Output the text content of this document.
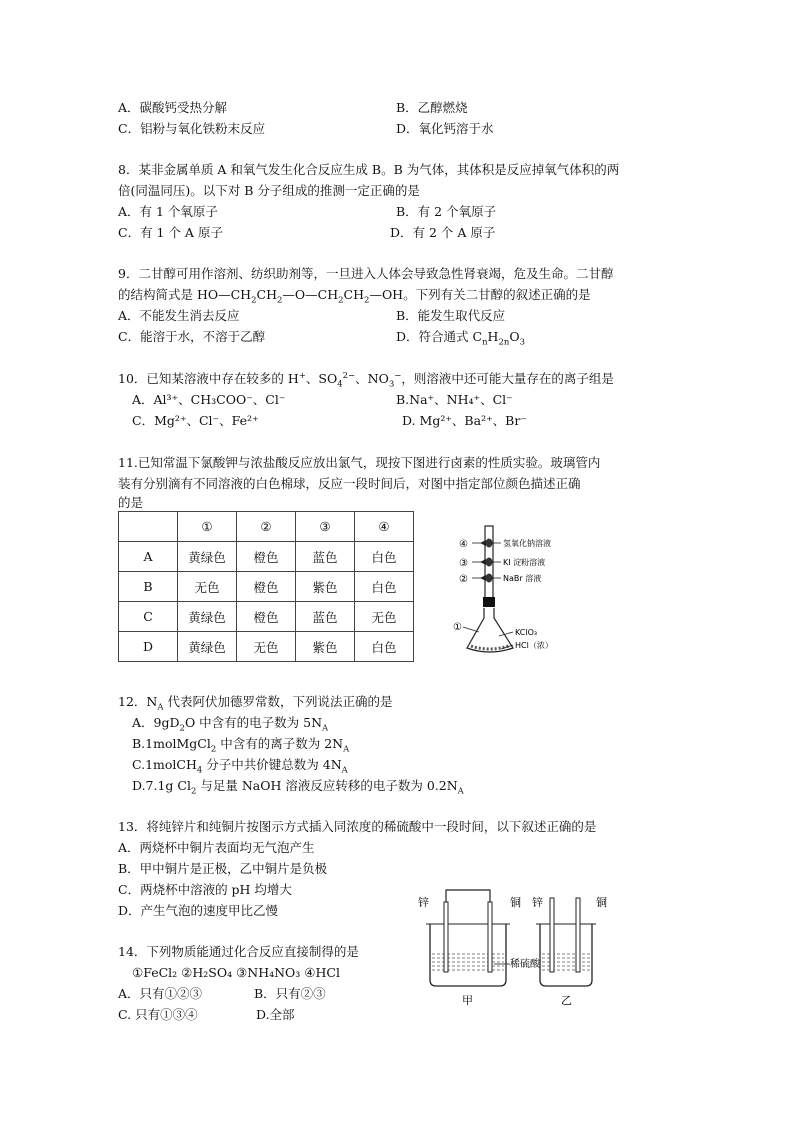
A．碳酸钙受热分解	B．乙醇燃烧
C．铝粉与氧化铁粉末反应	D．氧化钙溶于水
8．某非金属单质 A 和氧气发生化合反应生成 B。B 为气体，其体积是反应掉氧气体积的两
倍(同温同压)。以下对 B 分子组成的推测一定正确的是
A．有 1 个氧原子	B．有 2 个氧原子
C．有 1 个 A 原子	D．有 2 个 A 原子
9．二甘醇可用作溶剂、纺织助剂等，一旦进入人体会导致急性肾衰竭，危及生命。二甘醇
的结构简式是 $HO—CH_2CH_2—O—CH_2CH_2—OH$。下列有关二甘醇的叙述正确的是
A．不能发生消去反应	B．能发生取代反应
C．能溶于水，不溶于乙醇	D．符合通式 $C_nH_{2n}O_3$
10．已知某溶液中存在较多的 H+、$SO_4^{2-}$、$NO_3^-$，则溶液中还可能大量存在的离子组是
A．Al³⁺、CH₃COO⁻、Cl⁻	B.Na⁺、NH₄⁺、Cl⁻
C．Mg²⁺、Cl⁻、Fe²⁺	D. Mg²⁺、Ba²⁺、Br⁻
11.已知常温下氯酸钾与浓盐酸反应放出氯气，现按下图进行卤素的性质实验。玻璃管内
装有分别滴有不同溶液的白色棉球，反应一段时间后，对图中指定部位颜色描述正确
的是
	①	②	③	④
A	黄绿色	橙色	蓝色	白色
B	无色	橙色	紫色	白色
C	黄绿色	橙色	蓝色	无色
D	黄绿色	无色	紫色	白色
④
③
②
①
氢氧化钠溶液
KI 淀粉溶液
NaBr 溶液
KClO₃
HCl（浓）
12．$N_A$ 代表阿伏加德罗常数，下列说法正确的是
A．$9gD_2O$ 中含有的电子数为 $5N_A$
B.1molMgCl$_2$ 中含有的离子数为 $2N_A$
C.1molCH$_4$ 分子中共价键总数为 $4N_A$
D.7.1g $Cl_2$ 与足量 NaOH 溶液反应转移的电子数为 $0.2N_A$
13．将纯锌片和纯铜片按图示方式插入同浓度的稀硫酸中一段时间，以下叙述正确的是
A．两烧杯中铜片表面均无气泡产生
B．甲中铜片是正极，乙中铜片是负极
C．两烧杯中溶液的 pH 均增大
D．产生气泡的速度甲比乙慢
14．下列物质能通过化合反应直接制得的是
①FeCl₂ ②H₂SO₄ ③NH₄NO₃ ④HCl
A．只有①②③	B．只有②③
C. 只有①③④	D.全部
锌	铜
甲
锌	铜
乙
稀硫酸
